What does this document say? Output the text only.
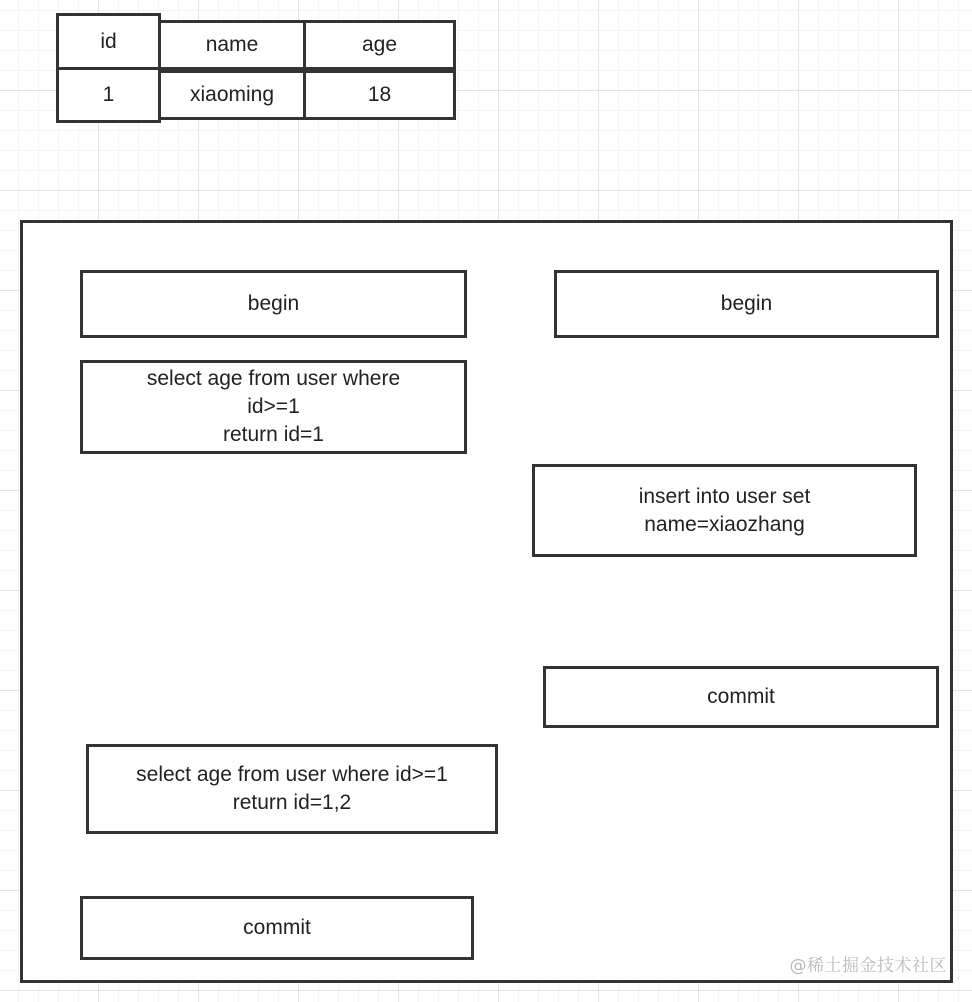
id	name	age
1	xiaoming	18
begin
select age from user where
id>=1
return id=1
select age from user where id>=1
return id=1,2
commit
begin
insert into user set
name=xiaozhang
commit
@稀土掘金技术社区
